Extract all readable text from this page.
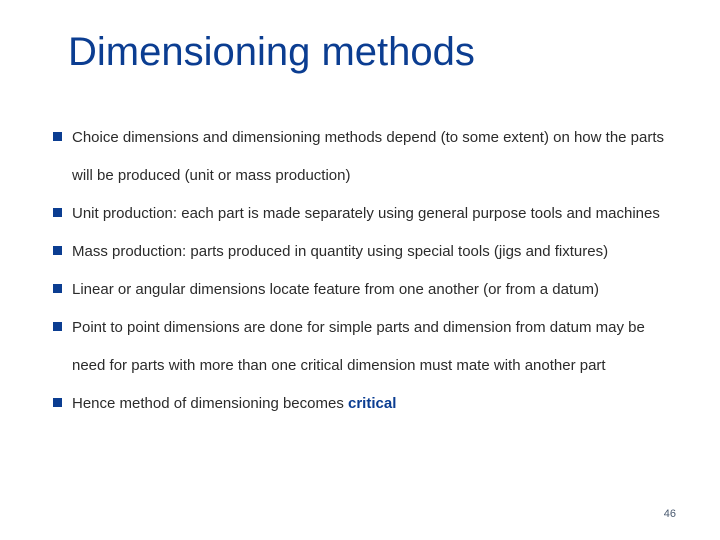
Dimensioning methods
Choice dimensions and dimensioning methods depend (to some extent) on how the parts will be produced (unit or mass production)
Unit production: each part is made separately using general purpose tools and machines
Mass production: parts produced in quantity using special tools (jigs and fixtures)
Linear or angular dimensions locate feature from one another (or from a datum)
Point to point dimensions are done for simple parts and dimension from datum may be need for parts with more than one critical dimension must mate with another part
Hence method of dimensioning becomes critical
46
